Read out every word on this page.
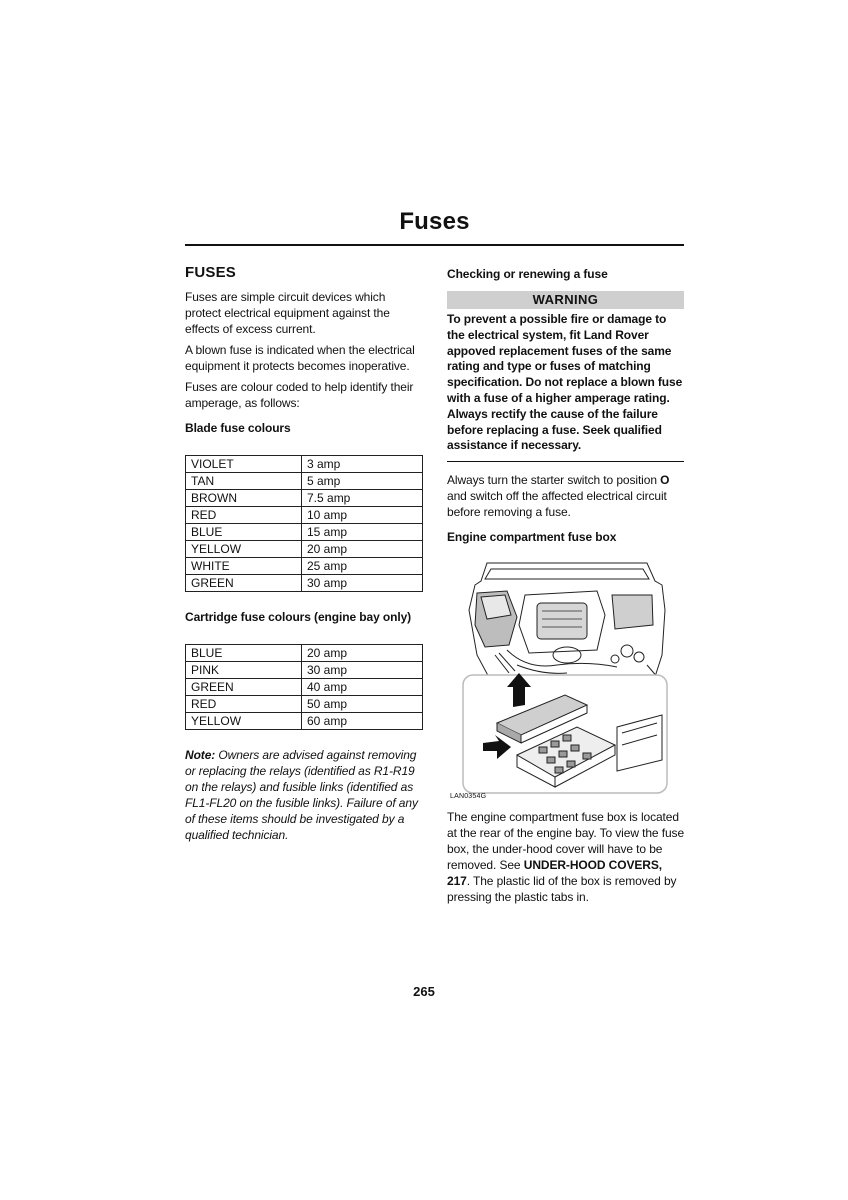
Fuses
FUSES

Fuses are simple circuit devices which protect electrical equipment against the effects of excess current.

A blown fuse is indicated when the electrical equipment it protects becomes inoperative.

Fuses are colour coded to help identify their amperage, as follows:

Blade fuse colours
VIOLET	3 amp
TAN	5 amp
BROWN	7.5 amp
RED	10 amp
BLUE	15 amp
YELLOW	20 amp
WHITE	25 amp
GREEN	30 amp
Cartridge fuse colours (engine bay only)
BLUE	20 amp
PINK	30 amp
GREEN	40 amp
RED	50 amp
YELLOW	60 amp

Note: Owners are advised against removing or replacing the relays (identified as R1-R19 on the relays) and fusible links (identified as FL1-FL20 on the fusible links). Failure of any of these items should be investigated by a qualified technician.

Checking or renewing a fuse
WARNING

To prevent a possible fire or damage to the electrical system, fit Land Rover appoved replacement fuses of the same rating and type or fuses of matching specification. Do not replace a blown fuse with a fuse of a higher amperage rating. Always rectify the cause of the failure before replacing a fuse. Seek qualified assistance if necessary.

Always turn the starter switch to position O and switch off the affected electrical circuit before removing a fuse.

Engine compartment fuse box
LAN0354G

The engine compartment fuse box is located at the rear of the engine bay. To view the fuse box, the under-hood cover will have to be removed. See UNDER-HOOD COVERS, 217. The plastic lid of the box is removed by pressing the plastic tabs in.

265
